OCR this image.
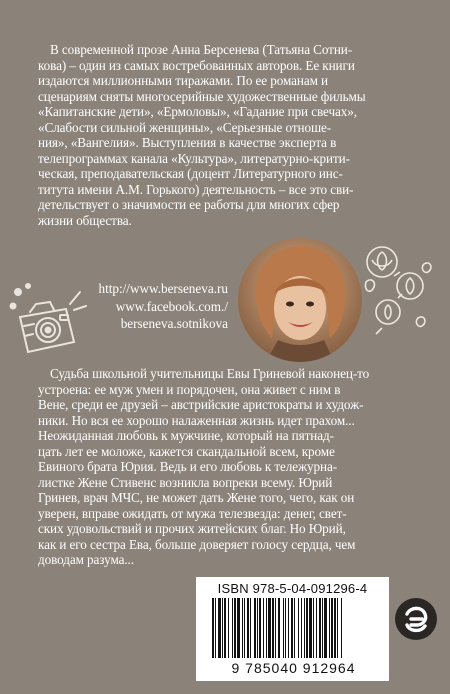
В современной прозе Анна Берсенева (Татьяна Сотни-
кова) – один из самых востребованных авторов. Ее книги
издаются миллионными тиражами. По ее романам и
сценариям сняты многосерийные художественные фильмы
«Капитанские дети», «Ермоловы», «Гадание при свечах»,
«Слабости сильной женщины», «Серьезные отноше-
ния», «Вангелия». Выступления в качестве эксперта в
телепрограммах канала «Культура», литературно-крити-
ческая, преподавательская (доцент Литературного инс-
титута имени А.М. Горького) деятельность – все это сви-
детельствует о значимости ее работы для многих сфер
жизни общества.

http://www.berseneva.ru
www.facebook.com./
berseneva.sotnikova

Судьба школьной учительницы Евы Гриневой наконец-то
устроена: ее муж умен и порядочен, она живет с ним в
Вене, среди ее друзей – австрийские аристократы и худож-
ники. Но вся ее хорошо налаженная жизнь идет прахом...
Неожиданная любовь к мужчине, который на пятнад-
цать лет ее моложе, кажется скандальной всем, кроме
Евиного брата Юрия. Ведь и его любовь к тележурна-
листке Жене Стивенс возникла вопреки всему. Юрий
Гринев, врач МЧС, не может дать Жене того, чего, как он
уверен, вправе ожидать от мужа телезвезда: денег, свет-
ских удовольствий и прочих житейских благ. Но Юрий,
как и его сестра Ева, больше доверяет голосу сердца, чем
доводам разума...

ISBN 978-5-04-091296-4
9 785040 912964
